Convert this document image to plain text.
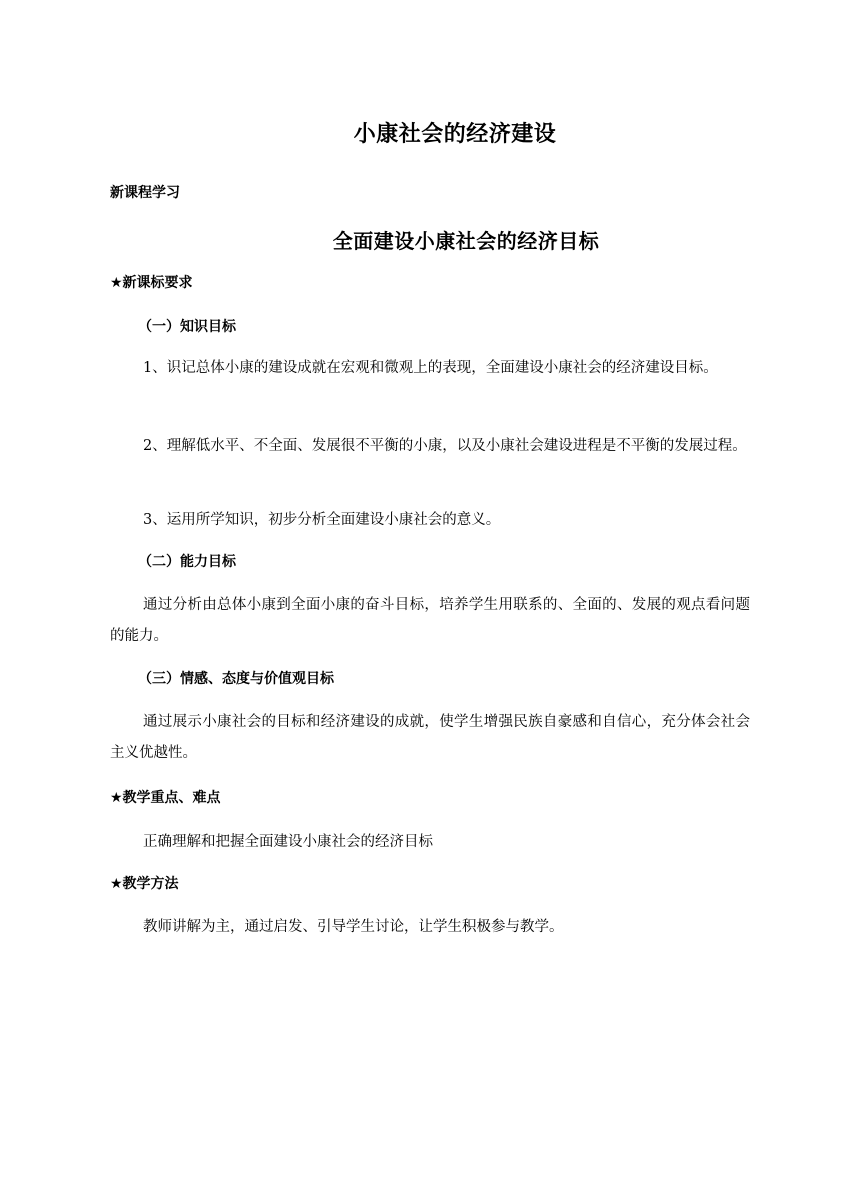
小康社会的经济建设
新课程学习
全面建设小康社会的经济目标
★新课标要求
（一）知识目标

1、识记总体小康的建设成就在宏观和微观上的表现，全面建设小康社会的经济建设目标。

2、理解低水平、不全面、发展很不平衡的小康，以及小康社会建设进程是不平衡的发展过程。

3、运用所学知识，初步分析全面建设小康社会的意义。

（二）能力目标

通过分析由总体小康到全面小康的奋斗目标，培养学生用联系的、全面的、发展的观点看问题的能力。

（三）情感、态度与价值观目标

通过展示小康社会的目标和经济建设的成就，使学生增强民族自豪感和自信心，充分体会社会主义优越性。

★教学重点、难点

正确理解和把握全面建设小康社会的经济目标

★教学方法

教师讲解为主，通过启发、引导学生讨论，让学生积极参与教学。
